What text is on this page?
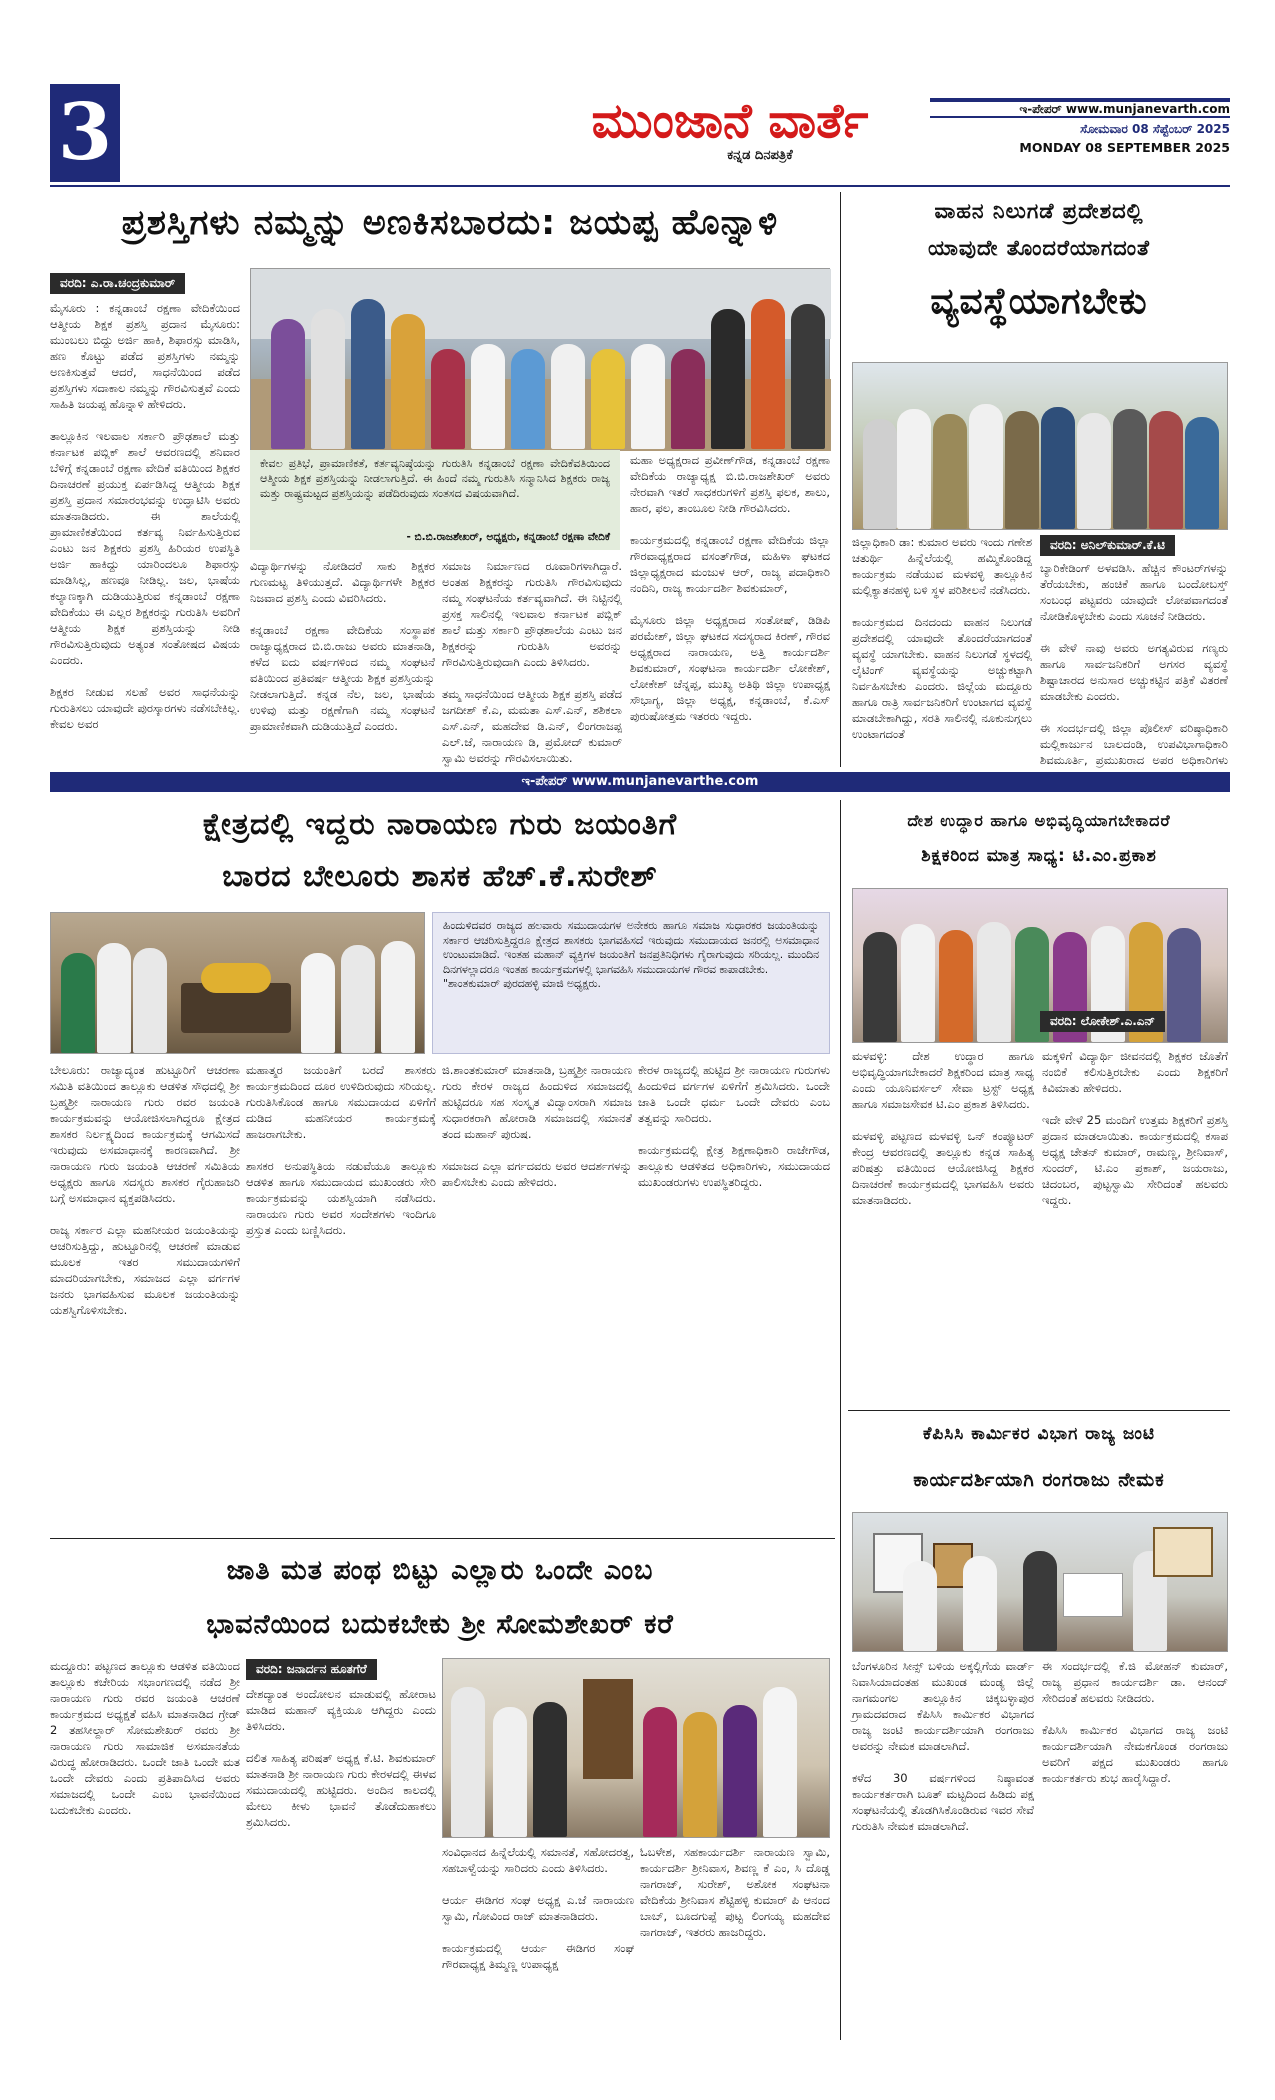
3	ಮುಂಜಾನೆ ವಾರ್ತೆ
ಕನ್ನಡ ದಿನಪತ್ರಿಕೆ
ಇ-ಪೇಪರ್ www.munjanevarth.com
ಸೋಮವಾರ 08 ಸೆಪ್ಟೆಂಬರ್ 2025
MONDAY 08 SEPTEMBER 2025
ಪ್ರಶಸ್ತಿಗಳು ನಮ್ಮನ್ನು ಅಣಕಿಸಬಾರದು: ಜಯಪ್ಪ ಹೊನ್ನಾಳಿ
ವರದಿ: ಎ.ರಾ.ಚಂದ್ರಕುಮಾರ್
ಮೈಸೂರು : ಕನ್ನಡಾಂಬೆ ರಕ್ಷಣಾ ವೇದಿಕೆಯಿಂದ ಆತ್ಮೀಯ ಶಿಕ್ಷಕ ಪ್ರಶಸ್ತಿ ಪ್ರದಾನ ಮೈಸೂರು: ಮುಂಬಲು ಬಿದ್ದು ಅರ್ಜಿ ಹಾಕಿ, ಶಿಫಾರಸ್ಸು ಮಾಡಿಸಿ, ಹಣ ಕೊಟ್ಟು ಪಡೆದ ಪ್ರಶಸ್ತಿಗಳು ನಮ್ಮನ್ನು ಅಣಕಿಸುತ್ತವೆ ಆದರೆ, ಸಾಧನೆಯಿಂದ ಪಡೆದ ಪ್ರಶಸ್ತಿಗಳು ಸದಾಕಾಲ ನಮ್ಮನ್ನು ಗೌರವಿಸುತ್ತವೆ ಎಂದು ಸಾಹಿತಿ ಜಯಪ್ಪ ಹೊನ್ನಾಳಿ ಹೇಳಿದರು.

ತಾಲ್ಲೂಕಿನ ಇಲವಾಲ ಸರ್ಕಾರಿ ಪ್ರೌಢಶಾಲೆ ಮತ್ತು ಕರ್ನಾಟಕ ಪಬ್ಲಿಕ್ ಶಾಲೆ ಆವರಣದಲ್ಲಿ ಶನಿವಾರ ಬೆಳಿಗ್ಗೆ ಕನ್ನಡಾಂಬೆ ರಕ್ಷಣಾ ವೇದಿಕೆ ವತಿಯಿಂದ ಶಿಕ್ಷಕರ ದಿನಾಚರಣೆ ಪ್ರಯುಕ್ತ ಏರ್ಪಡಿಸಿದ್ದ ಆತ್ಮೀಯ ಶಿಕ್ಷಕ ಪ್ರಶಸ್ತಿ ಪ್ರದಾನ ಸಮಾರಂಭವನ್ನು ಉದ್ಘಾಟಿಸಿ ಅವರು ಮಾತನಾಡಿದರು. ಈ ಶಾಲೆಯಲ್ಲಿ ಪ್ರಾಮಾಣಿಕತೆಯಿಂದ ಕರ್ತವ್ಯ ನಿರ್ವಹಿಸುತ್ತಿರುವ ಎಂಟು ಜನ ಶಿಕ್ಷಕರು ಪ್ರಶಸ್ತಿ ಹಿರಿಯರ ಉಪಸ್ಥಿತಿ ಅರ್ಜಿ ಹಾಕಿದ್ದು ಯಾರಿಂದಲೂ ಶಿಫಾರಸ್ಸು ಮಾಡಿಸಿಲ್ಲ, ಹಣವೂ ನೀಡಿಲ್ಲ. ಜಲ, ಭಾಷೆಯ ಕಲ್ಯಾಣಕ್ಕಾಗಿ ದುಡಿಯುತ್ತಿರುವ ಕನ್ನಡಾಂಬೆ ರಕ್ಷಣಾ ವೇದಿಕೆಯು ಈ ಎಲ್ಲರ ಶಿಕ್ಷಕರನ್ನು ಗುರುತಿಸಿ ಅವರಿಗೆ ಆತ್ಮೀಯ ಶಿಕ್ಷಕ ಪ್ರಶಸ್ತಿಯನ್ನು ನೀಡಿ ಗೌರವಿಸುತ್ತಿರುವುದು ಅತ್ಯಂತ ಸಂತೋಷದ ವಿಷಯ ಎಂದರು.

ಶಿಕ್ಷಕರ ನೀಡುವ ಸಲಹೆ ಅವರ ಸಾಧನೆಯನ್ನು ಗುರುತಿಸಲು ಯಾವುದೇ ಪುರಸ್ಕಾರಗಳು ನಡೆಸಬೇಕಿಲ್ಲ. ಕೇವಲ ಅವರ
ಕೇವಲ ಪ್ರತಿಭೆ, ಪ್ರಾಮಾಣಿಕತೆ, ಕರ್ತವ್ಯನಿಷ್ಠೆಯನ್ನು ಗುರುತಿಸಿ ಕನ್ನಡಾಂಬೆ ರಕ್ಷಣಾ ವೇದಿಕೆವತಿಯಿಂದ ಆತ್ಮೀಯ ಶಿಕ್ಷಕ ಪ್ರಶಸ್ತಿಯನ್ನು ನೀಡಲಾಗುತ್ತಿದೆ. ಈ ಹಿಂದೆ ನಮ್ಮ ಗುರುತಿಸಿ ಸನ್ಮಾನಿಸಿದ ಶಿಕ್ಷಕರು ರಾಜ್ಯ ಮತ್ತು ರಾಷ್ಟ್ರಮಟ್ಟದ ಪ್ರಶಸ್ತಿಯನ್ನು ಪಡೆದಿರುವುದು ಸಂತಸದ ವಿಷಯವಾಗಿದೆ.
- ಬಿ.ಬಿ.ರಾಜಶೇಖರ್, ಅಧ್ಯಕ್ಷರು, ಕನ್ನಡಾಂಬೆ ರಕ್ಷಣಾ ವೇದಿಕೆ
ಮಹಾ ಅಧ್ಯಕ್ಷರಾದ ಪ್ರವೀಣ್‌ಗೌಡ, ಕನ್ನಡಾಂಬೆ ರಕ್ಷಣಾ ವೇದಿಕೆಯ ರಾಜ್ಯಾಧ್ಯಕ್ಷ ಬಿ.ಬಿ.ರಾಜಶೇಖರ್ ಅವರು ನೇರವಾಗಿ ಇತರೆ ಸಾಧಕರುಗಳಿಗೆ ಪ್ರಶಸ್ತಿ ಫಲಕ, ಶಾಲು, ಹಾರ, ಫಲ, ತಾಂಬೂಲ ನೀಡಿ ಗೌರವಿಸಿದರು.

ಕಾರ್ಯಕ್ರಮದಲ್ಲಿ ಕನ್ನಡಾಂಬೆ ರಕ್ಷಣಾ ವೇದಿಕೆಯ ಜಿಲ್ಲಾ ಗೌರವಾಧ್ಯಕ್ಷರಾದ ವಸಂತ್‌ಗೌಡ, ಮಹಿಳಾ ಘಟಕದ ಜಿಲ್ಲಾಧ್ಯಕ್ಷರಾದ ಮಂಜುಳ ಆರ್, ರಾಜ್ಯ ಪದಾಧಿಕಾರಿ ನಂದಿನಿ, ರಾಜ್ಯ ಕಾರ್ಯದರ್ಶಿ ಶಿವಕುಮಾರ್,

ಮೈಸೂರು ಜಿಲ್ಲಾ ಅಧ್ಯಕ್ಷರಾದ ಸಂತೋಷ್, ಡಿಡಿಪಿ ಪರಮೇಶ್, ಜಿಲ್ಲಾ ಘಟಕದ ಸದಸ್ಯರಾದ ಕಿರಣ್, ಗೌರವ ಅಧ್ಯಕ್ಷರಾದ ನಾರಾಯಣ, ಅತ್ತಿ ಕಾರ್ಯದರ್ಶಿ ಶಿವಕುಮಾರ್, ಸಂಘಟನಾ ಕಾರ್ಯದರ್ಶಿ ಲೋಕೇಶ್, ಲೋಕೇಶ್ ಚೆನ್ನಪ್ಪ, ಮುಖ್ಯ ಅತಿಥಿ ಜಿಲ್ಲಾ ಉಪಾಧ್ಯಕ್ಷ ಸೌಭಾಗ್ಯ, ಜಿಲ್ಲಾ ಅಧ್ಯಕ್ಷ, ಕನ್ನಡಾಂಬೆ, ಕೆ.ಎಸ್ ಪುರುಷೋತ್ತಮ ಇತರರು ಇದ್ದರು.
ವಿದ್ಯಾರ್ಥಿಗಳನ್ನು ನೋಡಿದರೆ ಸಾಕು ಶಿಕ್ಷಕರ ಗುಣಮಟ್ಟ ತಿಳಿಯುತ್ತದೆ. ವಿದ್ಯಾರ್ಥಿಗಳೇ ಶಿಕ್ಷಕರ ನಿಜವಾದ ಪ್ರಶಸ್ತಿ ಎಂದು ವಿವರಿಸಿದರು.

ಕನ್ನಡಾಂಬೆ ರಕ್ಷಣಾ ವೇದಿಕೆಯ ಸಂಸ್ಥಾಪಕ ರಾಜ್ಯಾಧ್ಯಕ್ಷರಾದ ಬಿ.ಬಿ.ರಾಜು ಅವರು ಮಾತನಾಡಿ, ಕಳೆದ ಐದು ವರ್ಷಗಳಿಂದ ನಮ್ಮ ಸಂಘಟನೆ ವತಿಯಿಂದ ಪ್ರತಿವರ್ಷ ಆತ್ಮೀಯ ಶಿಕ್ಷಕ ಪ್ರಶಸ್ತಿಯನ್ನು ನೀಡಲಾಗುತ್ತಿದೆ. ಕನ್ನಡ ನೆಲ, ಜಲ, ಭಾಷೆಯ ಉಳಿವು ಮತ್ತು ರಕ್ಷಣೆಗಾಗಿ ನಮ್ಮ ಸಂಘಟನೆ ಪ್ರಾಮಾಣಿಕವಾಗಿ ದುಡಿಯುತ್ತಿದೆ ಎಂದರು.
ಸಮಾಜ ನಿರ್ಮಾಣದ ರೂವಾರಿಗಳಾಗಿದ್ದಾರೆ. ಅಂತಹ ಶಿಕ್ಷಕರನ್ನು ಗುರುತಿಸಿ ಗೌರವಿಸುವುದು ನಮ್ಮ ಸಂಘಟನೆಯ ಕರ್ತವ್ಯವಾಗಿದೆ. ಈ ನಿಟ್ಟಿನಲ್ಲಿ ಪ್ರಸಕ್ತ ಸಾಲಿನಲ್ಲಿ ಇಲವಾಲ ಕರ್ನಾಟಕ ಪಬ್ಲಿಕ್ ಶಾಲೆ ಮತ್ತು ಸರ್ಕಾರಿ ಪ್ರೌಢಶಾಲೆಯ ಎಂಟು ಜನ ಶಿಕ್ಷಕರನ್ನು ಗುರುತಿಸಿ ಅವರನ್ನು ಗೌರವಿಸುತ್ತಿರುವುದಾಗಿ ಎಂದು ತಿಳಿಸಿದರು.

ತಮ್ಮ ಸಾಧನೆಯಿಂದ ಆತ್ಮೀಯ ಶಿಕ್ಷಕ ಪ್ರಶಸ್ತಿ ಪಡೆದ ಜಗದೀಶ್ ಕೆ.ಎ, ಮಮತಾ ಎಸ್.ಎನ್, ಶಶಿಕಲಾ ಎಸ್.ಎನ್, ಮಹದೇವ ಡಿ.ಎನ್, ಲಿಂಗರಾಜಪ್ಪ ಎಲ್.ಜೆ, ನಾರಾಯಣ ಡಿ, ಪ್ರಮೋದ್ ಕುಮಾರ್ ಸ್ವಾಮಿ ಅವರನ್ನು ಗೌರವಿಸಲಾಯಿತು.
ವಾಹನ ನಿಲುಗಡೆ ಪ್ರದೇಶದಲ್ಲಿ
ಯಾವುದೇ ತೊಂದರೆಯಾಗದಂತೆ
ವ್ಯವಸ್ಥೆಯಾಗಬೇಕು
ಜಿಲ್ಲಾಧಿಕಾರಿ ಡಾ: ಕುಮಾರ ಅವರು ಇಂದು ಗಣೇಶ ಚತುರ್ಥಿ ಹಿನ್ನೆಲೆಯಲ್ಲಿ ಹಮ್ಮಿಕೊಂಡಿದ್ದ ಕಾರ್ಯಕ್ರಮ ನಡೆಯುವ ಮಳವಳ್ಳಿ ತಾಲ್ಲೂಕಿನ ಮಲ್ಲಿಕ್ಯಾತನಹಳ್ಳಿ ಬಳಿ ಸ್ಥಳ ಪರಿಶೀಲನೆ ನಡೆಸಿದರು.

ಕಾರ್ಯಕ್ರಮದ ದಿನದಂದು ವಾಹನ ನಿಲುಗಡೆ ಪ್ರದೇಶದಲ್ಲಿ ಯಾವುದೇ ತೊಂದರೆಯಾಗದಂತೆ ವ್ಯವಸ್ಥೆ ಯಾಗಬೇಕು. ವಾಹನ ನಿಲುಗಡೆ ಸ್ಥಳದಲ್ಲಿ ಲೈಟಿಂಗ್ ವ್ಯವಸ್ಥೆಯನ್ನು ಅಚ್ಚುಕಟ್ಟಾಗಿ ನಿರ್ವಹಿಸಬೇಕು ಎಂದರು. ಜಿಲ್ಲೆಯ ಮದ್ದೂರು ಹಾಗೂ ರಾತ್ರಿ ಸಾರ್ವಜನಿಕರಿಗೆ ಉಂಟಾಗದ ವ್ಯವಸ್ಥೆ ಮಾಡಬೇಕಾಗಿದ್ದು, ಸರತಿ ಸಾಲಿನಲ್ಲಿ ನೂಕುನುಗ್ಗಲು ಉಂಟಾಗದಂತೆ
ವರದಿ: ಅನಿಲ್‌ಕುಮಾರ್.ಕೆ.ಟಿ
ಬ್ಯಾರಿಕೇಡಿಂಗ್ ಅಳವಡಿಸಿ. ಹೆಚ್ಚಿನ ಕೌಂಟರ್‌ಗಳನ್ನು ತೆರೆಯಬೇಕು, ಹಂಚಿಕೆ ಹಾಗೂ ಬಂದೋಬಸ್ತ್ ಸಂಬಂಧ ಪಟ್ಟವರು ಯಾವುದೇ ಲೋಪವಾಗದಂತೆ ನೋಡಿಕೊಳ್ಳಬೇಕು ಎಂದು ಸೂಚನೆ ನೀಡಿದರು.

ಈ ವೇಳೆ ನಾವು ಅವರು ಅಗತ್ಯವಿರುವ ಗಣ್ಯರು ಹಾಗೂ ಸಾರ್ವಜನಿಕರಿಗೆ ಅಗಸರ ವ್ಯವಸ್ಥೆ ಶಿಷ್ಟಾಚಾರದ ಅನುಸಾರ ಅಚ್ಚುಕಟ್ಟಿನ ಪತ್ರಿಕೆ ವಿತರಣೆ ಮಾಡಬೇಕು ಎಂದರು.

ಈ ಸಂದರ್ಭದಲ್ಲಿ ಜಿಲ್ಲಾ ಪೊಲೀಸ್ ವರಿಷ್ಠಾಧಿಕಾರಿ ಮಲ್ಲಿಕಾರ್ಜುನ ಬಾಲದಂಡಿ, ಉಪವಿಭಾಗಾಧಿಕಾರಿ ಶಿವಮೂರ್ತಿ, ಪ್ರಮುಖರಾದ ಅಪರ ಅಧಿಕಾರಿಗಳು
ಇ-ಪೇಪರ್ www.munjanevarthe.com
ಕ್ಷೇತ್ರದಲ್ಲಿ ಇದ್ದರು ನಾರಾಯಣ ಗುರು ಜಯಂತಿಗೆ
ಬಾರದ ಬೇಲೂರು ಶಾಸಕ ಹೆಚ್.ಕೆ.ಸುರೇಶ್
ಹಿಂದುಳಿದವರ ರಾಜ್ಯದ ಹಲವಾರು ಸಮುದಾಯಗಳ ಅನೇಕರು ಹಾಗೂ ಸಮಾಜ ಸುಧಾರಕರ ಜಯಂತಿಯನ್ನು ಸರ್ಕಾರ ಆಚರಿಸುತ್ತಿದ್ದರೂ ಕ್ಷೇತ್ರದ ಶಾಸಕರು ಭಾಗವಹಿಸದೆ ಇರುವುದು ಸಮುದಾಯದ ಜನರಲ್ಲಿ ಅಸಮಾಧಾನ ಉಂಟುಮಾಡಿದೆ. ಇಂತಹ ಮಹಾನ್ ವ್ಯಕ್ತಿಗಳ ಜಯಂತಿಗೆ ಜನಪ್ರತಿನಿಧಿಗಳು ಗೈರಾಗುವುದು ಸರಿಯಲ್ಲ. ಮುಂದಿನ ದಿನಗಳಲ್ಲಾದರೂ ಇಂತಹ ಕಾರ್ಯಕ್ರಮಗಳಲ್ಲಿ ಭಾಗವಹಿಸಿ ಸಮುದಾಯಗಳ ಗೌರವ ಕಾಪಾಡಬೇಕು.
"ಶಾಂತಕುಮಾರ್ ಪುರದಹಳ್ಳಿ ಮಾಜಿ ಅಧ್ಯಕ್ಷರು.
ಬೇಲೂರು: ರಾಜ್ಯಾದ್ಯಂತ ಹುಟ್ಟೂರಿಗೆ ಆಚರಣಾ ಸಮಿತಿ ವತಿಯಿಂದ ತಾಲ್ಲೂಕು ಆಡಳಿತ ಸೌಧದಲ್ಲಿ ಶ್ರೀ ಬ್ರಹ್ಮಶ್ರೀ ನಾರಾಯಣ ಗುರು ರವರ ಜಯಂತಿ ಕಾರ್ಯಕ್ರಮವನ್ನು ಆಯೋಜಿಸಲಾಗಿದ್ದರೂ ಕ್ಷೇತ್ರದ ಶಾಸಕರ ನಿರ್ಲಕ್ಷ್ಯದಿಂದ ಕಾರ್ಯಕ್ರಮಕ್ಕೆ ಆಗಮಿಸದೆ ಇರುವುದು ಅಸಮಾಧಾನಕ್ಕೆ ಕಾರಣವಾಗಿದೆ. ಶ್ರೀ ನಾರಾಯಣ ಗುರು ಜಯಂತಿ ಆಚರಣೆ ಸಮಿತಿಯ ಅಧ್ಯಕ್ಷರು ಹಾಗೂ ಸದಸ್ಯರು ಶಾಸಕರ ಗೈರುಹಾಜರಿ ಬಗ್ಗೆ ಅಸಮಾಧಾನ ವ್ಯಕ್ತಪಡಿಸಿದರು.

ರಾಜ್ಯ ಸರ್ಕಾರ ಎಲ್ಲಾ ಮಹನೀಯರ ಜಯಂತಿಯನ್ನು ಆಚರಿಸುತ್ತಿದ್ದು, ಹುಟ್ಟೂರಿನಲ್ಲಿ ಆಚರಣೆ ಮಾಡುವ ಮೂಲಕ ಇತರ ಸಮುದಾಯಗಳಿಗೆ ಮಾದರಿಯಾಗಬೇಕು, ಸಮಾಜದ ಎಲ್ಲಾ ವರ್ಗಗಳ ಜನರು ಭಾಗವಹಿಸುವ ಮೂಲಕ ಜಯಂತಿಯನ್ನು ಯಶಸ್ವಿಗೊಳಿಸಬೇಕು.
ಮಹಾತ್ಮರ ಜಯಂತಿಗೆ ಬರದೆ ಶಾಸಕರು ಕಾರ್ಯಕ್ರಮದಿಂದ ದೂರ ಉಳಿದಿರುವುದು ಸರಿಯಲ್ಲ. ಗುರುತಿಸಿಕೊಂಡ ಹಾಗೂ ಸಮುದಾಯದ ಏಳಿಗೆಗೆ ದುಡಿದ ಮಹನೀಯರ ಕಾರ್ಯಕ್ರಮಕ್ಕೆ ಹಾಜರಾಗಬೇಕು.

ಶಾಸಕರ ಅನುಪಸ್ಥಿತಿಯ ನಡುವೆಯೂ ತಾಲ್ಲೂಕು ಆಡಳಿತ ಹಾಗೂ ಸಮುದಾಯದ ಮುಖಂಡರು ಸೇರಿ ಕಾರ್ಯಕ್ರಮವನ್ನು ಯಶಸ್ವಿಯಾಗಿ ನಡೆಸಿದರು. ನಾರಾಯಣ ಗುರು ಅವರ ಸಂದೇಶಗಳು ಇಂದಿಗೂ ಪ್ರಸ್ತುತ ಎಂದು ಬಣ್ಣಿಸಿದರು.
ಜಿ.ಶಾಂತಕುಮಾರ್ ಮಾತನಾಡಿ, ಬ್ರಹ್ಮಶ್ರೀ ನಾರಾಯಣ ಗುರು ಕೇರಳ ರಾಜ್ಯದ ಹಿಂದುಳಿದ ಸಮಾಜದಲ್ಲಿ ಹುಟ್ಟಿದರೂ ಸಹ ಸಂಸ್ಕೃತ ವಿದ್ವಾಂಸರಾಗಿ ಸಮಾಜ ಸುಧಾರಕರಾಗಿ ಹೋರಾಡಿ ಸಮಾಜದಲ್ಲಿ ಸಮಾನತೆ ತಂದ ಮಹಾನ್ ಪುರುಷ.

ಸಮಾಜದ ಎಲ್ಲಾ ವರ್ಗದವರು ಅವರ ಆದರ್ಶಗಳನ್ನು ಪಾಲಿಸಬೇಕು ಎಂದು ಹೇಳಿದರು.
ಕೇರಳ ರಾಜ್ಯದಲ್ಲಿ ಹುಟ್ಟಿದ ಶ್ರೀ ನಾರಾಯಣ ಗುರುಗಳು ಹಿಂದುಳಿದ ವರ್ಗಗಳ ಏಳಿಗೆಗೆ ಶ್ರಮಿಸಿದರು. ಒಂದೇ ಜಾತಿ ಒಂದೇ ಧರ್ಮ ಒಂದೇ ದೇವರು ಎಂಬ ತತ್ವವನ್ನು ಸಾರಿದರು.

ಕಾರ್ಯಕ್ರಮದಲ್ಲಿ ಕ್ಷೇತ್ರ ಶಿಕ್ಷಣಾಧಿಕಾರಿ ರಾಜೇಗೌಡ, ತಾಲ್ಲೂಕು ಆಡಳಿತದ ಅಧಿಕಾರಿಗಳು, ಸಮುದಾಯದ ಮುಖಂಡರುಗಳು ಉಪಸ್ಥಿತರಿದ್ದರು.
ದೇಶ ಉದ್ಧಾರ ಹಾಗೂ ಅಭಿವೃದ್ಧಿಯಾಗಬೇಕಾದರೆ
ಶಿಕ್ಷಕರಿಂದ ಮಾತ್ರ ಸಾಧ್ಯ: ಟಿ.ಎಂ.ಪ್ರಕಾಶ
ವರದಿ: ಲೋಕೇಶ್.ಎ.ಎನ್
ಮಳವಳ್ಳಿ: ದೇಶ ಉದ್ಧಾರ ಹಾಗೂ ಅಭಿವೃದ್ಧಿಯಾಗಬೇಕಾದರೆ ಶಿಕ್ಷಕರಿಂದ ಮಾತ್ರ ಸಾಧ್ಯ ಎಂದು ಯೂನಿವರ್ಸಲ್ ಸೇವಾ ಟ್ರಸ್ಟ್ ಅಧ್ಯಕ್ಷ ಹಾಗೂ ಸಮಾಜಸೇವಕ ಟಿ.ಎಂ ಪ್ರಕಾಶ ತಿಳಿಸಿದರು.

ಮಳವಳ್ಳಿ ಪಟ್ಟಣದ ಮಳವಳ್ಳಿ ಒನ್ ಕಂಪ್ಯೂಟರ್ ಕೇಂದ್ರ ಆವರಣದಲ್ಲಿ ತಾಲ್ಲೂಕು ಕನ್ನಡ ಸಾಹಿತ್ಯ ಪರಿಷತ್ತು ವತಿಯಿಂದ ಆಯೋಜಿಸಿದ್ದ ಶಿಕ್ಷಕರ ದಿನಾಚರಣೆ ಕಾರ್ಯಕ್ರಮದಲ್ಲಿ ಭಾಗವಹಿಸಿ ಅವರು ಮಾತನಾಡಿದರು.
ಮಕ್ಕಳಿಗೆ ವಿದ್ಯಾರ್ಥಿ ಜೀವನದಲ್ಲಿ ಶಿಕ್ಷಕರ ಜೊತೆಗೆ ನಂಬಿಕೆ ಕಲಿಸುತ್ತಿರಬೇಕು ಎಂದು ಶಿಕ್ಷಕರಿಗೆ ಕಿವಿಮಾತು ಹೇಳಿದರು.

ಇದೇ ವೇಳೆ 25 ಮಂದಿಗೆ ಉತ್ತಮ ಶಿಕ್ಷಕರಿಗೆ ಪ್ರಶಸ್ತಿ ಪ್ರದಾನ ಮಾಡಲಾಯಿತು. ಕಾರ್ಯಕ್ರಮದಲ್ಲಿ ಕಸಾಪ ಅಧ್ಯಕ್ಷ ಚೇತನ್ ಕುಮಾರ್, ರಾಮಣ್ಣ, ಶ್ರೀನಿವಾಸ್, ಸುಂದರ್, ಟಿ.ಎಂ ಪ್ರಕಾಶ್, ಜಯರಾಜು, ಚಿದಂಬರ, ಪುಟ್ಟಸ್ವಾಮಿ ಸೇರಿದಂತೆ ಹಲವರು ಇದ್ದರು.
ಕೆಪಿಸಿಸಿ ಕಾರ್ಮಿಕರ ವಿಭಾಗ ರಾಜ್ಯ ಜಂಟಿ
ಕಾರ್ಯದರ್ಶಿಯಾಗಿ ರಂಗರಾಜು ನೇಮಕ
ಬೆಂಗಳೂರಿನ ಸೀನ್ಸ್ ಬಳಿಯ ಅಕ್ಕಲ್ಲಿಗೆಯ ವಾರ್ಡ್ ನಿವಾಸಿಯಾದಂತಹ ಮುಖಂಡ ಮಂಡ್ಯ ಜಿಲ್ಲೆ ನಾಗಮಂಗಲ ತಾಲ್ಲೂಕಿನ ಚಿಕ್ಕಬಳ್ಳಾಪುರ ಗ್ರಾಮದವರಾದ ಕೆಪಿಸಿಸಿ ಕಾರ್ಮಿಕರ ವಿಭಾಗದ ರಾಜ್ಯ ಜಂಟಿ ಕಾರ್ಯದರ್ಶಿಯಾಗಿ ರಂಗರಾಜು ಅವರನ್ನು ನೇಮಕ ಮಾಡಲಾಗಿದೆ.

ಕಳೆದ 30 ವರ್ಷಗಳಿಂದ ನಿಷ್ಠಾವಂತ ಕಾರ್ಯಕರ್ತರಾಗಿ ಬೂತ್ ಮಟ್ಟದಿಂದ ಹಿಡಿದು ಪಕ್ಷ ಸಂಘಟನೆಯಲ್ಲಿ ತೊಡಗಿಸಿಕೊಂಡಿರುವ ಇವರ ಸೇವೆ ಗುರುತಿಸಿ ನೇಮಕ ಮಾಡಲಾಗಿದೆ.
ಈ ಸಂದರ್ಭದಲ್ಲಿ ಕೆ.ಜಿ ಮೋಹನ್ ಕುಮಾರ್, ರಾಜ್ಯ ಪ್ರಧಾನ ಕಾರ್ಯದರ್ಶಿ ಡಾ. ಆನಂದ್ ಸೇರಿದಂತೆ ಹಲವರು ನೀಡಿದರು.

ಕೆಪಿಸಿಸಿ ಕಾರ್ಮಿಕರ ವಿಭಾಗದ ರಾಜ್ಯ ಜಂಟಿ ಕಾರ್ಯದರ್ಶಿಯಾಗಿ ನೇಮಕಗೊಂಡ ರಂಗರಾಜು ಅವರಿಗೆ ಪಕ್ಷದ ಮುಖಂಡರು ಹಾಗೂ ಕಾರ್ಯಕರ್ತರು ಶುಭ ಹಾರೈಸಿದ್ದಾರೆ.
ಜಾತಿ ಮತ ಪಂಥ ಬಿಟ್ಟು ಎಲ್ಲಾರು ಒಂದೇ ಎಂಬ
ಭಾವನೆಯಿಂದ ಬದುಕಬೇಕು ಶ್ರೀ ಸೋಮಶೇಖರ್ ಕರೆ
ಮದ್ದೂರು: ಪಟ್ಟಣದ ತಾಲ್ಲೂಕು ಆಡಳಿತ ವತಿಯಿಂದ ತಾಲ್ಲೂಕು ಕಚೇರಿಯ ಸಭಾಂಗಣದಲ್ಲಿ ನಡೆದ ಶ್ರೀ ನಾರಾಯಣ ಗುರು ರವರ ಜಯಂತಿ ಆಚರಣೆ ಕಾರ್ಯಕ್ರಮದ ಅಧ್ಯಕ್ಷತೆ ವಹಿಸಿ ಮಾತನಾಡಿದ ಗ್ರೇಡ್ 2 ತಹಸೀಲ್ದಾರ್ ಸೋಮಶೇಖರ್ ರವರು ಶ್ರೀ ನಾರಾಯಣ ಗುರು ಸಾಮಾಜಿಕ ಅಸಮಾನತೆಯ ವಿರುದ್ಧ ಹೋರಾಡಿದರು. ಒಂದೇ ಜಾತಿ ಒಂದೇ ಮತ ಒಂದೇ ದೇವರು ಎಂದು ಪ್ರತಿಪಾದಿಸಿದ ಅವರು ಸಮಾಜದಲ್ಲಿ ಒಂದೇ ಎಂಬ ಭಾವನೆಯಿಂದ ಬದುಕಬೇಕು ಎಂದರು.
ವರದಿ: ಜನಾರ್ದನ ಹೂತಗೆರೆ
ದೇಶದ್ಯಾಂತ ಅಂದೋಲನ ಮಾಡುವಲ್ಲಿ ಹೋರಾಟ ಮಾಡಿದ ಮಹಾನ್ ವ್ಯಕ್ತಿಯೂ ಆಗಿದ್ದರು ಎಂದು ತಿಳಿಸಿದರು.

ದಲಿತ ಸಾಹಿತ್ಯ ಪರಿಷತ್ ಅಧ್ಯಕ್ಷ ಕೆ.ಟಿ. ಶಿವಕುಮಾರ್ ಮಾತನಾಡಿ ಶ್ರೀ ನಾರಾಯಣ ಗುರು ಕೇರಳದಲ್ಲಿ ಈಳವ ಸಮುದಾಯದಲ್ಲಿ ಹುಟ್ಟಿದರು. ಅಂದಿನ ಕಾಲದಲ್ಲಿ ಮೇಲು ಕೀಳು ಭಾವನೆ ತೊಡೆದುಹಾಕಲು ಶ್ರಮಿಸಿದರು.
ಸಂವಿಧಾನದ ಹಿನ್ನೆಲೆಯಲ್ಲಿ ಸಮಾನತೆ, ಸಹೋದರತ್ವ, ಸಹಬಾಳ್ವೆಯನ್ನು ಸಾರಿದರು ಎಂದು ತಿಳಿಸಿದರು.

ಆರ್ಯ ಈಡಿಗರ ಸಂಘ ಅಧ್ಯಕ್ಷ ಎ.ಜೆ ನಾರಾಯಣ ಸ್ವಾಮಿ, ಗೋವಿಂದ ರಾಜ್ ಮಾತನಾಡಿದರು.

ಕಾರ್ಯಕ್ರಮದಲ್ಲಿ ಆರ್ಯ ಈಡಿಗರ ಸಂಘ ಗೌರವಾಧ್ಯಕ್ಷ ತಿಮ್ಮಣ್ಣ ಉಪಾಧ್ಯಕ್ಷ
ಓಬಳೇಶ, ಸಹಕಾರ್ಯದರ್ಶಿ ನಾರಾಯಣ ಸ್ವಾಮಿ, ಕಾರ್ಯದರ್ಶಿ ಶ್ರೀನಿವಾಸ, ಶಿವಣ್ಣ ಕೆ ಎಂ, ಸಿ ದೊಡ್ಡ ನಾಗರಾಜ್, ಸುರೇಶ್, ಅಶೋಕ ಸಂಘಟನಾ ವೇದಿಕೆಯ ಶ್ರೀನಿವಾಸ ಶೆಟ್ಟಿಹಳ್ಳಿ ಕುಮಾರ್ ಪಿ ಆನಂದ ಬಾಬ್, ಬೂದಗುಪ್ಪೆ ಪುಟ್ಟ ಲಿಂಗಯ್ಯ ಮಹದೇವ ನಾಗರಾಜ್, ಇತರರು ಹಾಜರಿದ್ದರು.
